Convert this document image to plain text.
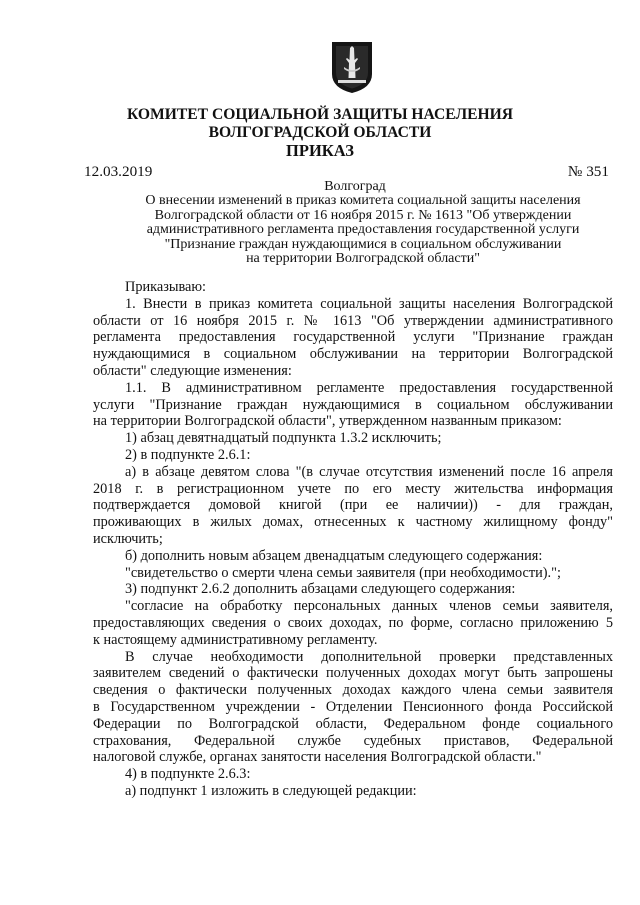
КОМИТЕТ СОЦИАЛЬНОЙ ЗАЩИТЫ НАСЕЛЕНИЯ
ВОЛГОГРАДСКОЙ ОБЛАСТИ
ПРИКАЗ
12.03.2019	№ 351
Волгоград
О внесении изменений в приказ комитета социальной защиты населения
Волгоградской области от 16 ноября 2015 г. № 1613 "Об утверждении
административного регламента предоставления государственной услуги
"Признание граждан нуждающимися в социальном обслуживании
на территории Волгоградской области"

Приказываю:

1. Внести в приказ комитета социальной защиты населения Волгоградской

области от 16 ноября 2015 г. № 1613 "Об утверждении административного

регламента предоставления государственной услуги "Признание граждан

нуждающимися в социальном обслуживании на территории Волгоградской

области" следующие изменения:

1.1. В административном регламенте предоставления государственной

услуги "Признание граждан нуждающимися в социальном обслуживании

на территории Волгоградской области", утвержденном названным приказом:

1) абзац девятнадцатый подпункта 1.3.2 исключить;

2) в подпункте 2.6.1:

а) в абзаце девятом слова "(в случае отсутствия изменений после 16 апреля

2018 г. в регистрационном учете по его месту жительства информация

подтверждается домовой книгой (при ее наличии)) - для граждан,

проживающих в жилых домах, отнесенных к частному жилищному фонду"

исключить;

б) дополнить новым абзацем двенадцатым следующего содержания:

"свидетельство о смерти члена семьи заявителя (при необходимости).";

3) подпункт 2.6.2 дополнить абзацами следующего содержания:

"согласие на обработку персональных данных членов семьи заявителя,

предоставляющих сведения о своих доходах, по форме, согласно приложению 5

к настоящему административному регламенту.

В случае необходимости дополнительной проверки представленных

заявителем сведений о фактически полученных доходах могут быть запрошены

сведения о фактически полученных доходах каждого члена семьи заявителя

в Государственном учреждении - Отделении Пенсионного фонда Российской

Федерации по Волгоградской области, Федеральном фонде социального

страхования, Федеральной службе судебных приставов, Федеральной

налоговой службе, органах занятости населения Волгоградской области."

4) в подпункте 2.6.3:

а) подпункт 1 изложить в следующей редакции:
